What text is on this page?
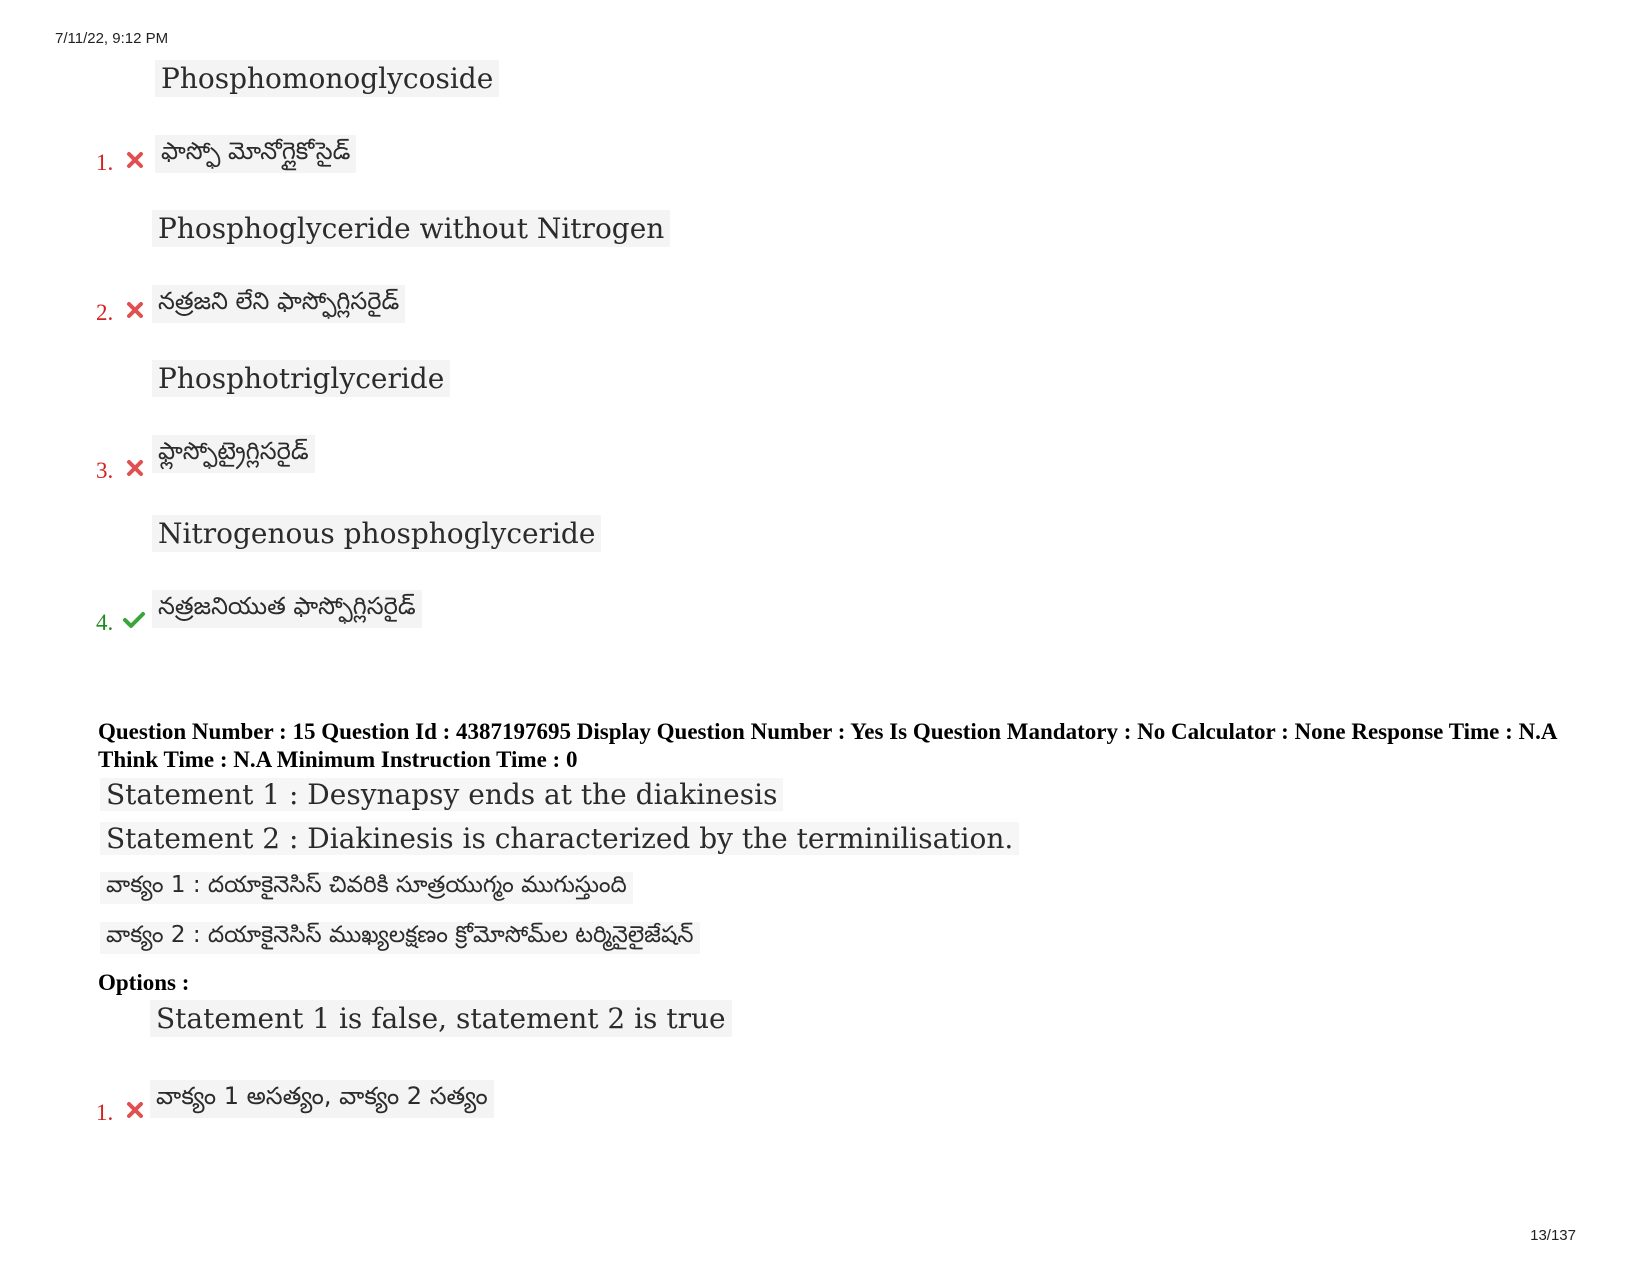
7/11/22, 9:12 PM
Phosphomonoglycoside
1. ఫాస్ఫో మోనోగ్లైకోసైడ్
Phosphoglyceride without Nitrogen
2. నత్రజని లేని ఫాస్ఫోగ్లిసరైడ్
Phosphotriglyceride
3.
ఫ్లాస్ఫోట్రైగ్లిసరైడ్
Nitrogenous phosphoglyceride
4.
నత్రజనియుత ఫాస్ఫోగ్లిసరైడ్
Question Number : 15 Question Id : 4387197695 Display Question Number : Yes Is Question Mandatory : No Calculator : None Response Time : N.A Think Time : N.A Minimum Instruction Time : 0
Statement 1 : Desynapsy ends at the diakinesis
Statement 2 : Diakinesis is characterized by the terminilisation.
వాక్యం 1 : దయాకైనెసిస్ చివరికి సూత్రయుగ్మం ముగుస్తుంది
వాక్యం 2 : దయాకైనెసిస్ ముఖ్యలక్షణం క్రోమోసోమ్‌ల టర్మినైలైజేషన్
Options :
Statement 1 is false, statement 2 is true
1.
వాక్యం 1 అసత్యం, వాక్యం 2 సత్యం
13/137
